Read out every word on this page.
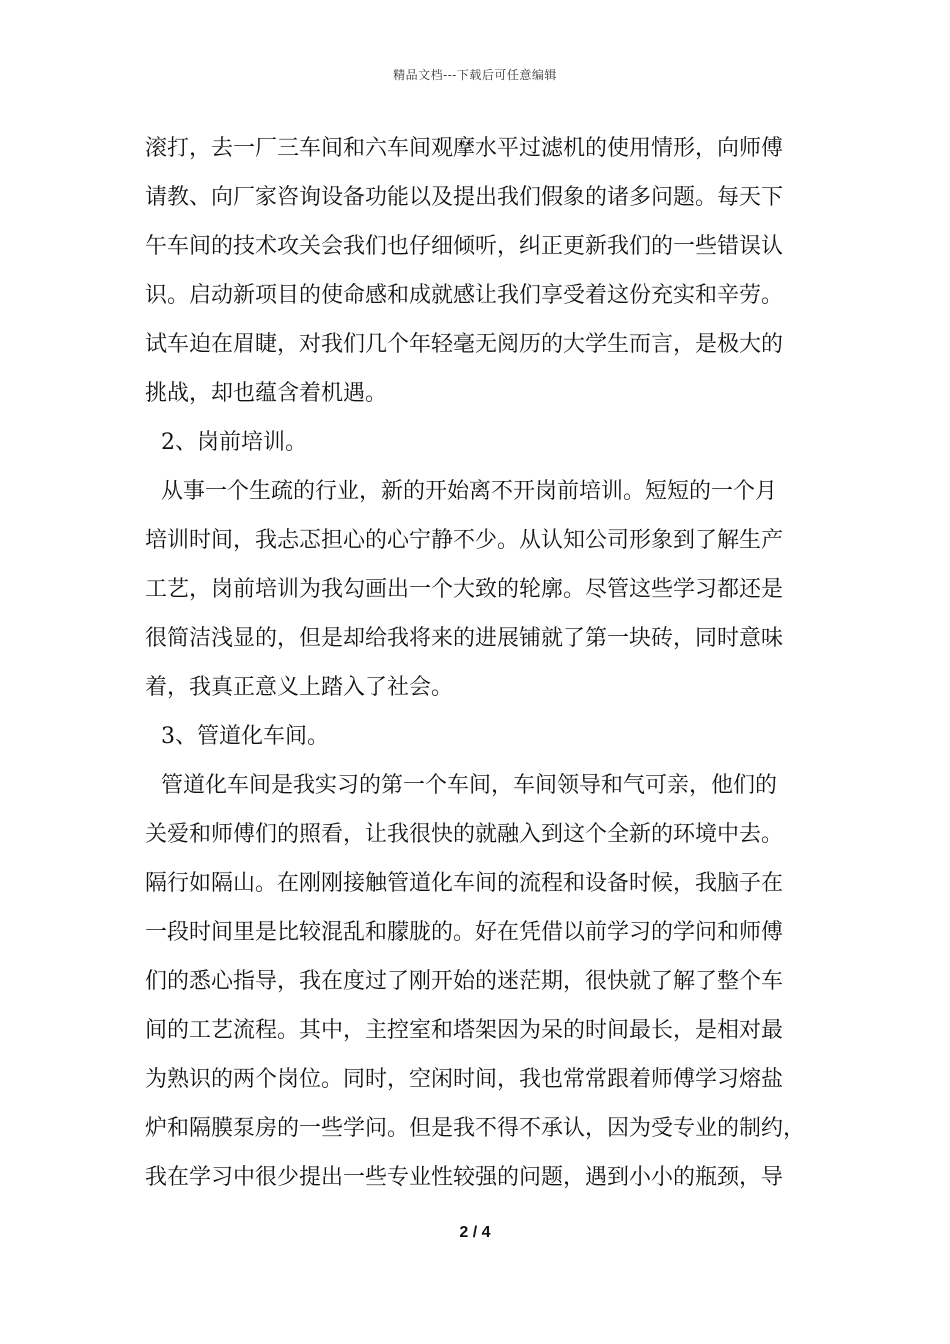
精品文档---下载后可任意编辑
滚打，去一厂三车间和六车间观摩水平过滤机的使用情形，向师傅
请教、向厂家咨询设备功能以及提出我们假象的诸多问题。每天下
午车间的技术攻关会我们也仔细倾听，纠正更新我们的一些错误认
识。启动新项目的使命感和成就感让我们享受着这份充实和辛劳。
试车迫在眉睫，对我们几个年轻毫无阅历的大学生而言，是极大的
挑战，却也蕴含着机遇。
2、岗前培训。
从事一个生疏的行业，新的开始离不开岗前培训。短短的一个月
培训时间，我忐忑担心的心宁静不少。从认知公司形象到了解生产
工艺，岗前培训为我勾画出一个大致的轮廓。尽管这些学习都还是
很简洁浅显的，但是却给我将来的进展铺就了第一块砖，同时意味
着，我真正意义上踏入了社会。
3、管道化车间。
管道化车间是我实习的第一个车间，车间领导和气可亲，他们的
关爱和师傅们的照看，让我很快的就融入到这个全新的环境中去。
隔行如隔山。在刚刚接触管道化车间的流程和设备时候，我脑子在
一段时间里是比较混乱和朦胧的。好在凭借以前学习的学问和师傅
们的悉心指导，我在度过了刚开始的迷茫期，很快就了解了整个车
间的工艺流程。其中，主控室和塔架因为呆的时间最长，是相对最
为熟识的两个岗位。同时，空闲时间，我也常常跟着师傅学习熔盐
炉和隔膜泵房的一些学问。但是我不得不承认，因为受专业的制约，
我在学习中很少提出一些专业性较强的问题，遇到小小的瓶颈，导
2 / 4
